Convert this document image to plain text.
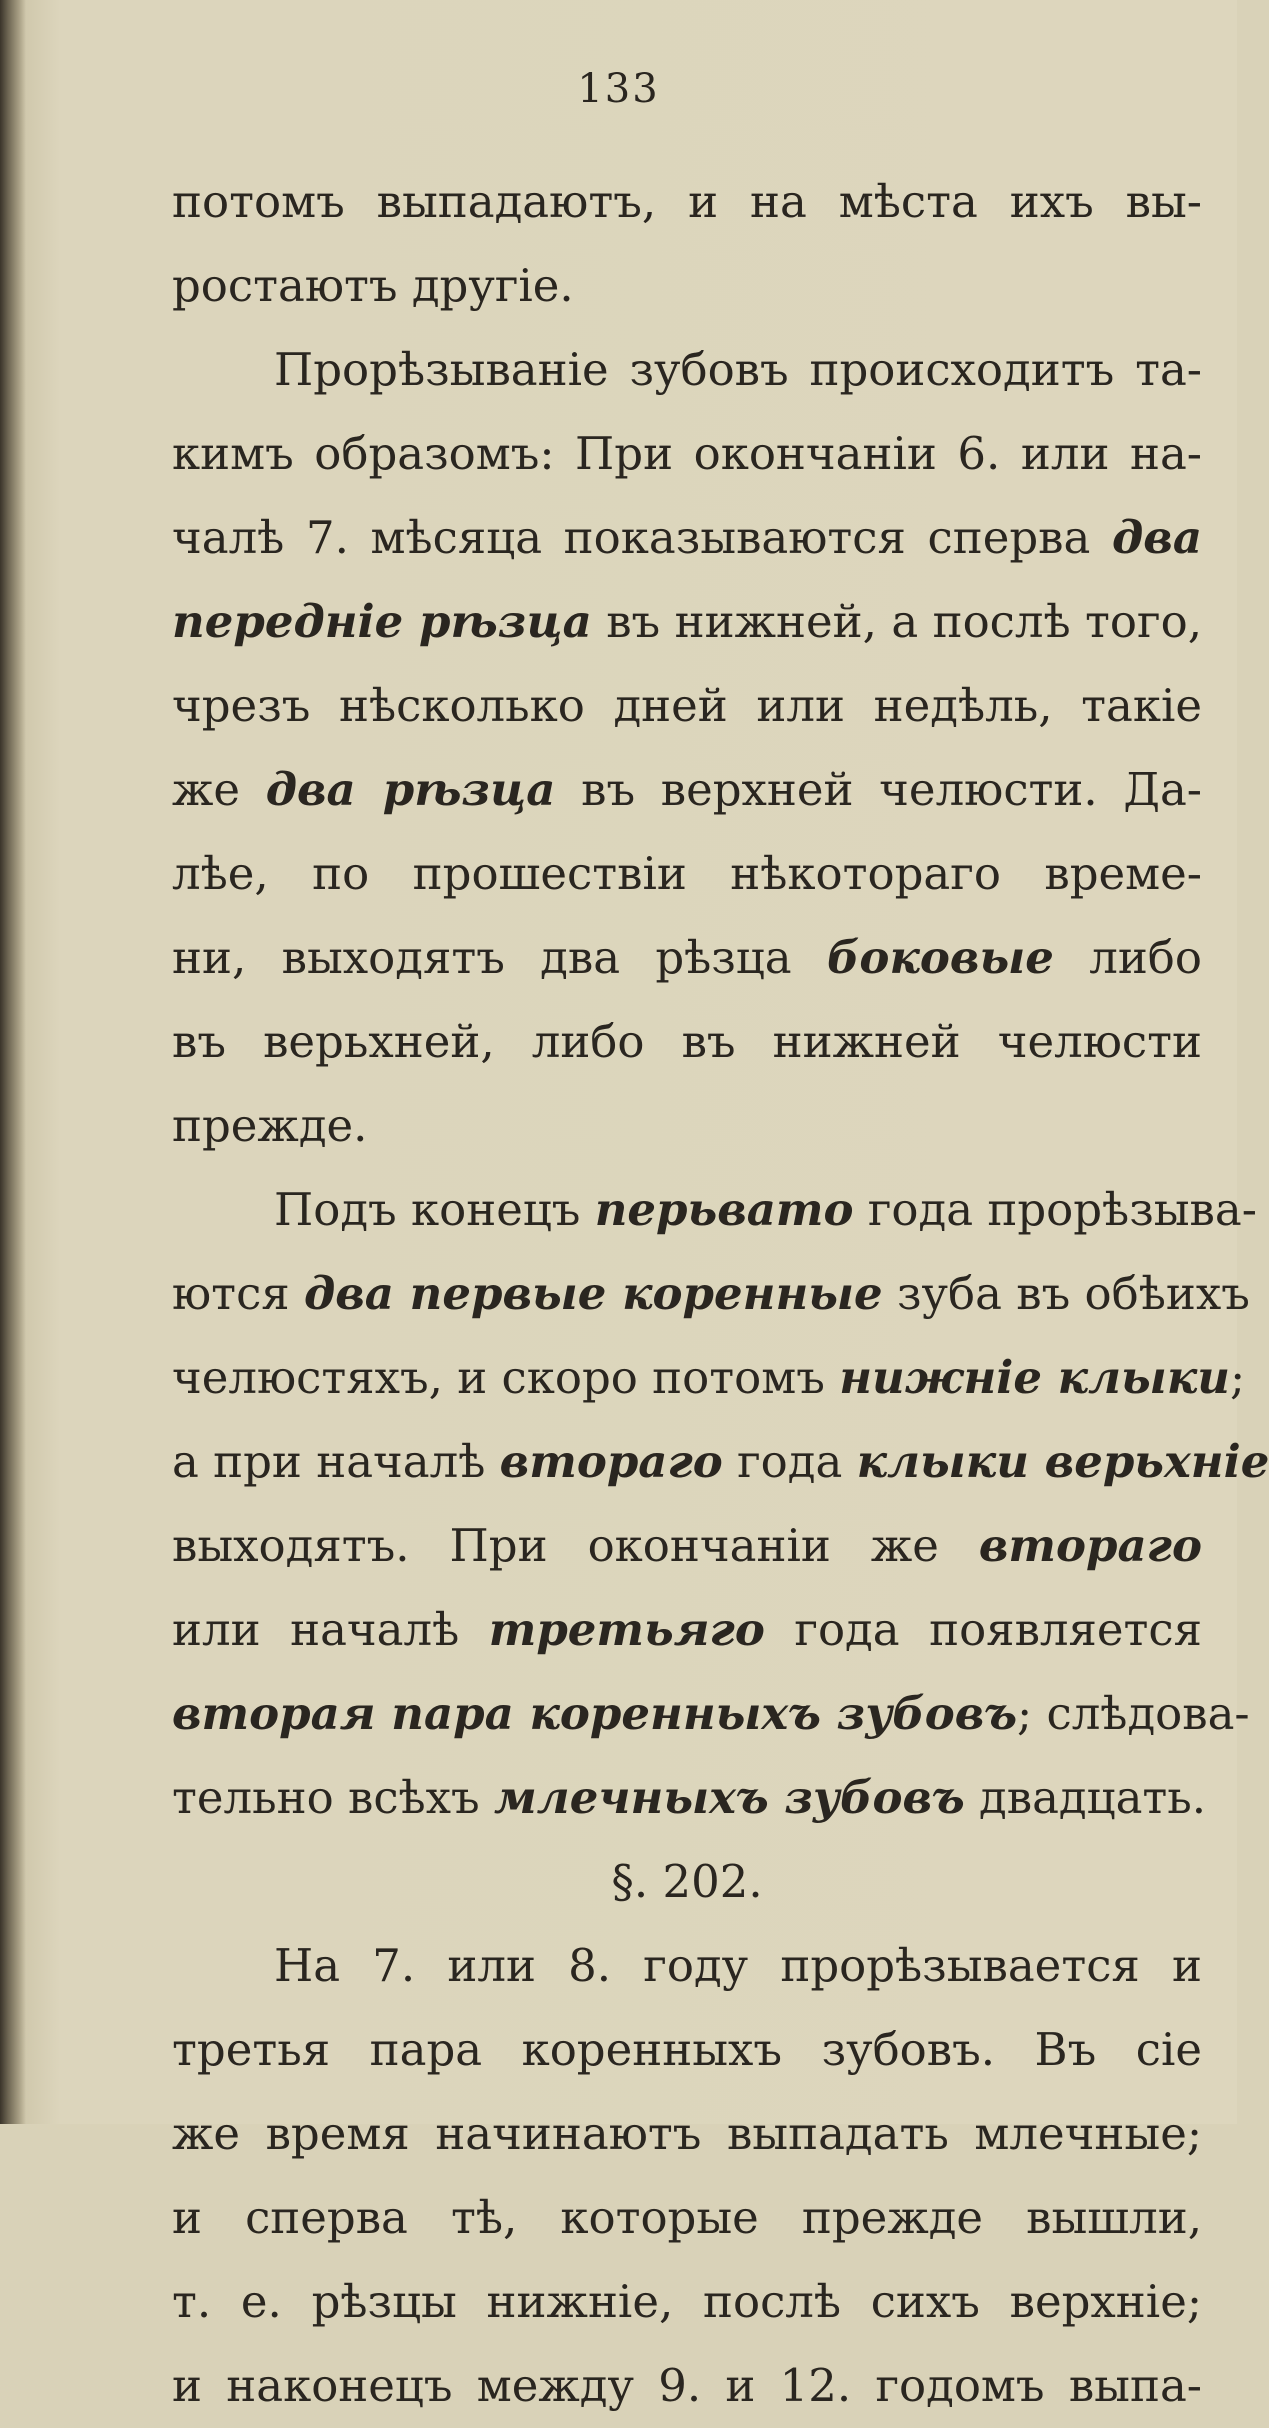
133
потомъ выпадаютъ, и на мѣста ихъ вы-
ростаютъ другіе.
Прорѣзываніе зубовъ происходитъ та-
кимъ образомъ: При окончаніи 6. или на-
чалѣ 7. мѣсяца показываются сперва два
передніе рѣзца въ нижней, а послѣ того,
чрезъ нѣсколько дней или недѣль, такіе
же два рѣзца въ верхней челюсти. Да-
лѣе, по прошествіи нѣкотораго време-
ни, выходятъ два рѣзца боковые либо
въ верьхней, либо въ нижней челюсти
прежде.
Подъ конецъ перьвато года прорѣзыва-
ются два первые коренные зуба въ обѣихъ
челюстяхъ, и скоро потомъ нижніе клыки;
а при началѣ втораго года клыки верьхніе
выходятъ. При окончаніи же втораго
или началѣ третьяго года появляется
вторая пара коренныхъ зубовъ; слѣдова-
тельно всѣхъ млечныхъ зубовъ двадцать.
§. 202.
На 7. или 8. году прорѣзывается и
третья пара коренныхъ зубовъ. Въ сіе
же время начинаютъ выпадать млечные;
и сперва тѣ, которые прежде вышли,
т. е. рѣзцы нижніе, послѣ сихъ верхніе;
и наконецъ между 9. и 12. годомъ выпа-
